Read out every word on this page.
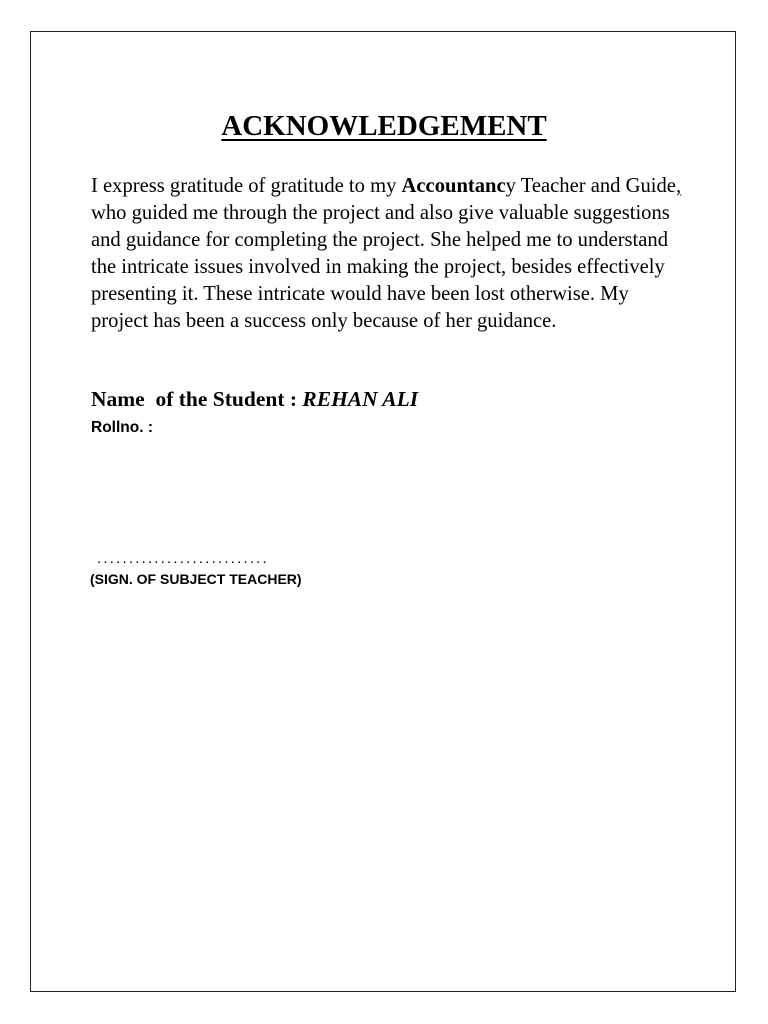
ACKNOWLEDGEMENT

I express gratitude of gratitude to my Accountancy Teacher and Guide, who guided me through the project and also give valuable suggestions and guidance for completing the project. She helped me to understand the intricate issues involved in making the project, besides effectively presenting it. These intricate would have been lost otherwise. My project has been a success only because of her guidance.

Name  of the Student : REHAN ALI
Rollno. :
...........................
(SIGN. OF SUBJECT TEACHER)
